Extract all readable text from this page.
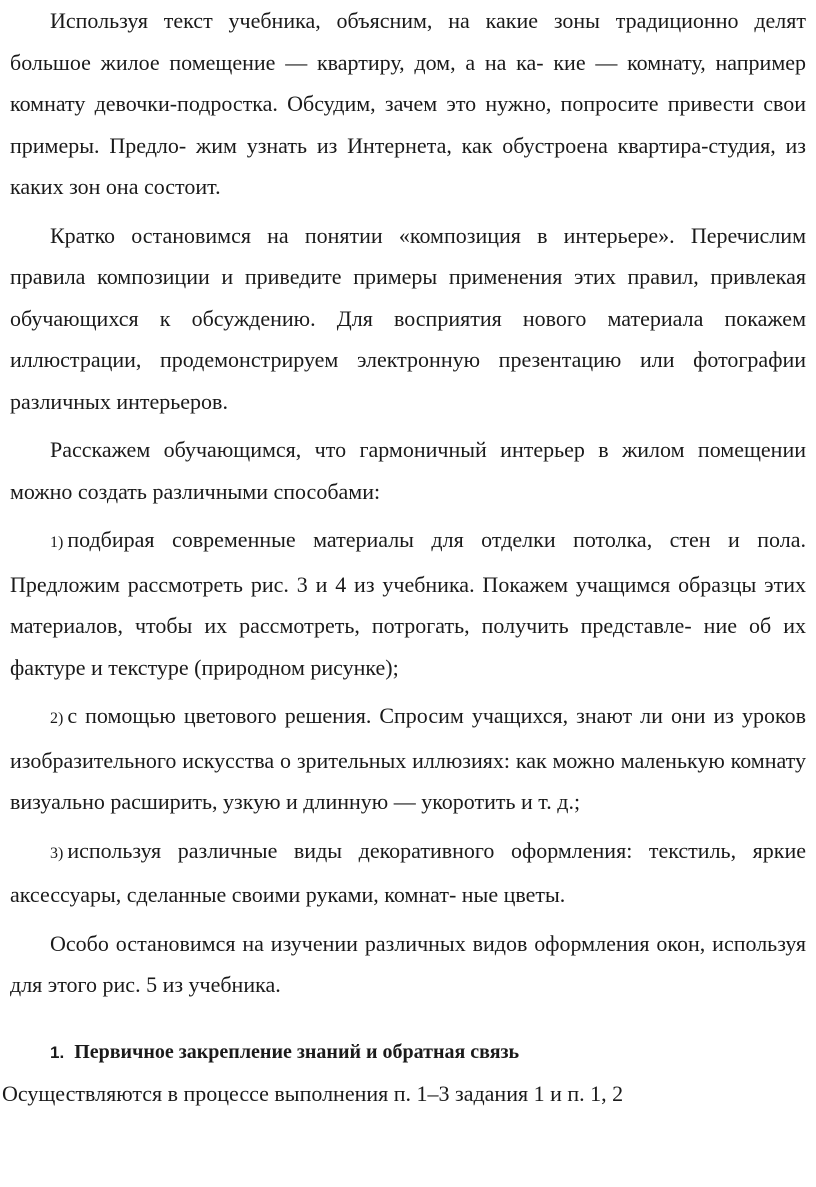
Используя текст учебника, объясним, на какие зоны традиционно делят большое жилое помещение — квартиру, дом, а на ка- кие — комнату, например комнату девочки-подростка. Обсудим, зачем это нужно, попросите привести свои примеры. Предло- жим узнать из Интернета, как обустроена квартира-студия, из каких зон она состоит.

Кратко остановимся на понятии «композиция в интерьере». Перечислим правила композиции и приведите примеры применения этих правил, привлекая обучающихся к обсуждению. Для восприятия нового материала покажем иллюстрации, продемонстрируем электронную презентацию или фотографии различных интерьеров.

Расскажем обучающимся, что гармоничный интерьер в жилом помещении можно создать различными способами:

1) подбирая современные материалы для отделки потолка, стен и пола. Предложим рассмотреть рис. 3 и 4 из учебника. Покажем учащимся образцы этих материалов, чтобы их рассмотреть, потрогать, получить представле- ние об их фактуре и текстуре (природном рисунке);

2) с помощью цветового решения. Спросим учащихся, знают ли они из уроков изобразительного искусства о зрительных иллюзиях: как можно маленькую комнату визуально расширить, узкую и длинную — укоротить и т. д.;

3) используя различные виды декоративного оформления: текстиль, яркие аксессуары, сделанные своими руками, комнат- ные цветы.

Особо остановимся на изучении различных видов оформления окон, используя для этого рис. 5 из учебника.

1. Первичное закрепление знаний и обратная связь

Осуществляются в процессе выполнения п. 1–3 задания 1 и п. 1, 2
